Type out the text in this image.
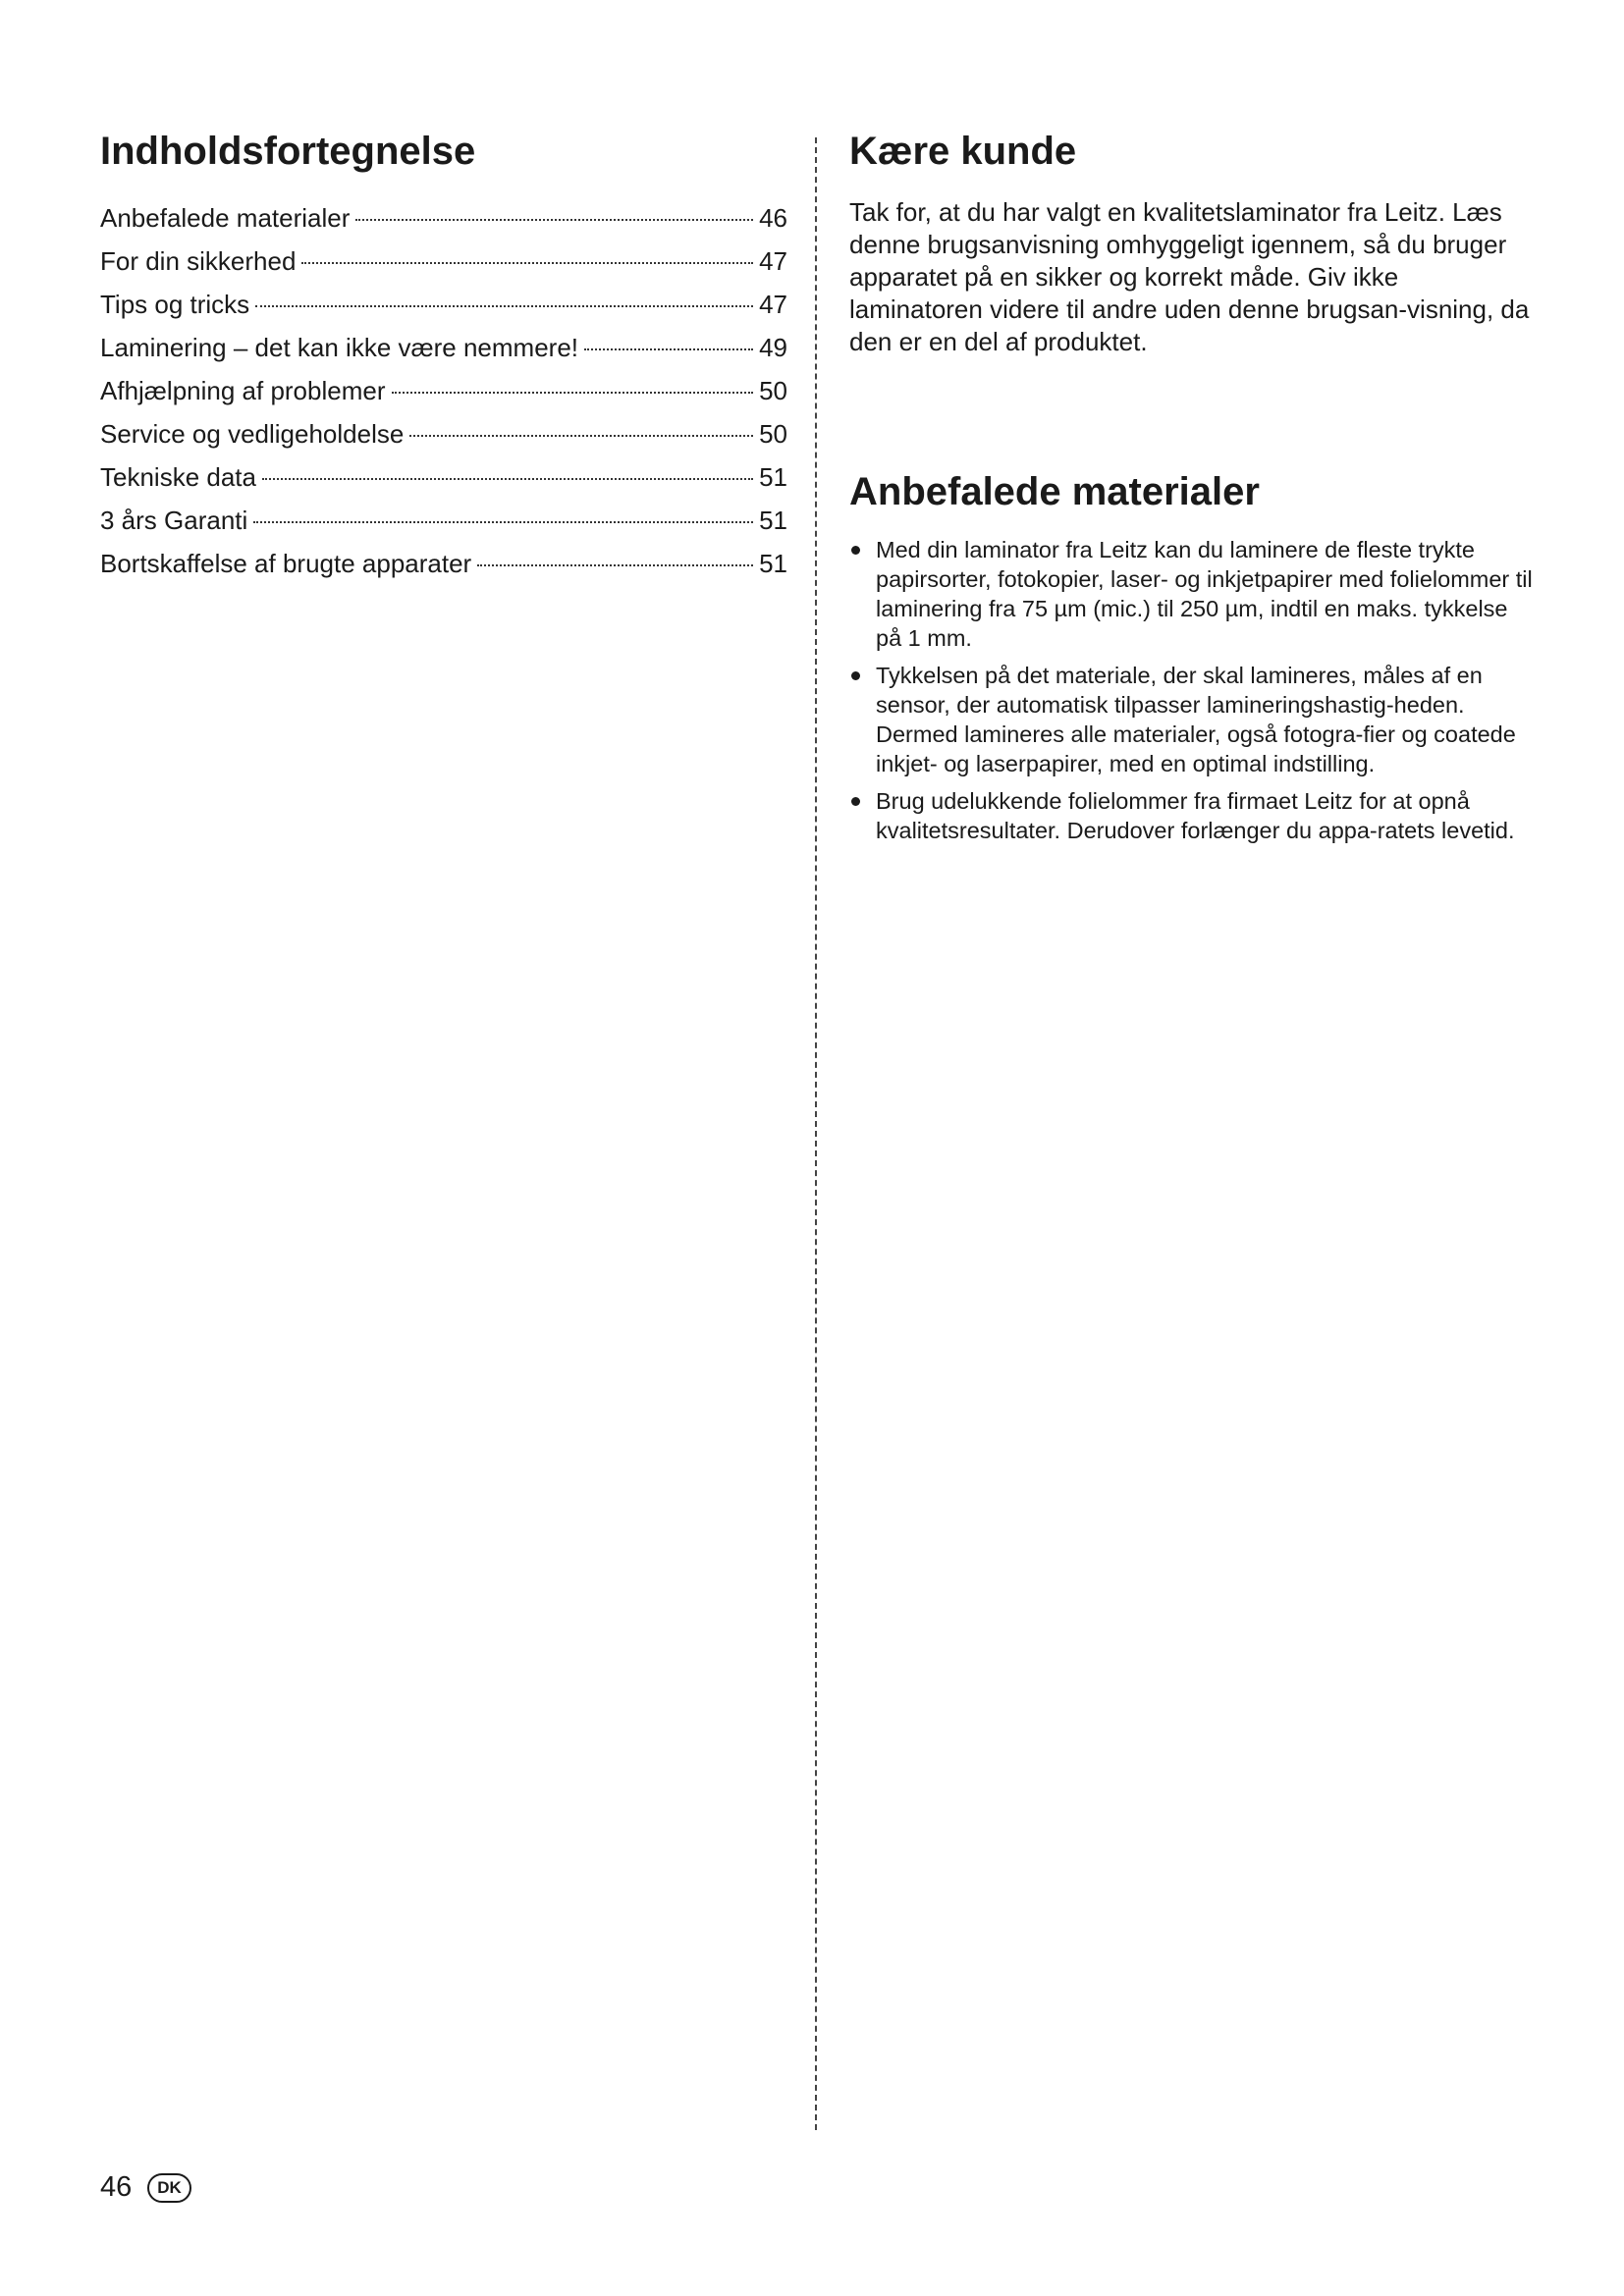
Indholdsfortegnelse
Anbefalede materialer	46
For din sikkerhed	47
Tips og tricks	47
Laminering – det kan ikke være nemmere!	49
Afhjælpning af problemer	50
Service og vedligeholdelse	50
Tekniske data	51
3 års Garanti	51
Bortskaffelse af brugte apparater	51
Kære kunde

Tak for, at du har valgt en kvalitetslaminator fra Leitz. Læs denne brugsanvisning omhyggeligt igennem, så du bruger apparatet på en sikker og korrekt måde. Giv ikke laminatoren videre til andre uden denne brugsan-visning, da den er en del af produktet.

Anbefalede materialer
Med din laminator fra Leitz kan du laminere de fleste trykte papirsorter, fotokopier, laser- og inkjetpapirer med folielommer til laminering fra 75 µm (mic.) til 250 µm, indtil en maks. tykkelse på 1 mm.
Tykkelsen på det materiale, der skal lamineres, måles af en sensor, der automatisk tilpasser lamineringshastig-heden. Dermed lamineres alle materialer, også fotogra-fier og coatede inkjet- og laserpapirer, med en optimal indstilling.
Brug udelukkende folielommer fra firmaet Leitz for at opnå kvalitetsresultater. Derudover forlænger du appa-ratets levetid.
46	DK
